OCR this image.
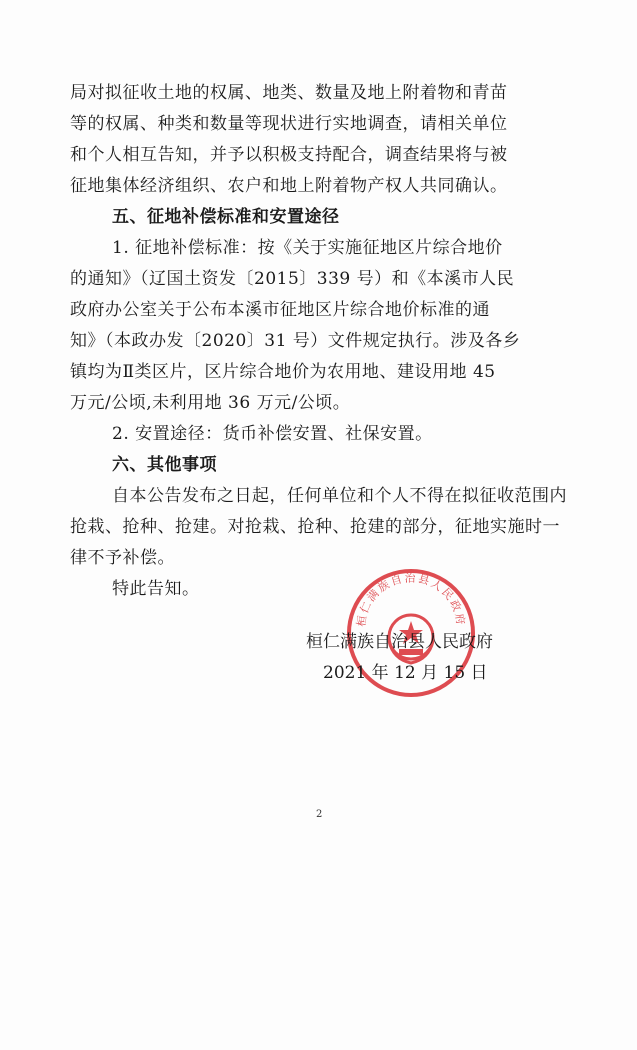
局对拟征收土地的权属、地类、数量及地上附着物和青苗
等的权属、种类和数量等现状进行实地调查，请相关单位
和个人相互告知，并予以积极支持配合，调查结果将与被
征地集体经济组织、农户和地上附着物产权人共同确认。
五、征地补偿标准和安置途径
1. 征地补偿标准：按《关于实施征地区片综合地价
的通知》（辽国土资发〔2015〕339 号）和《本溪市人民
政府办公室关于公布本溪市征地区片综合地价标准的通
知》（本政办发〔2020〕31 号）文件规定执行。涉及各乡
镇均为Ⅱ类区片，区片综合地价为农用地、建设用地 45
万元/公顷,未利用地 36 万元/公顷。
2. 安置途径：货币补偿安置、社保安置。
六、其他事项
自本公告发布之日起，任何单位和个人不得在拟征收范围内
抢栽、抢种、抢建。对抢栽、抢种、抢建的部分，征地实施时一
律不予补偿。
特此告知。
桓仁满族自治县人民政府
桓仁满族自治县人民政府
2021 年 12 月 15 日
2
